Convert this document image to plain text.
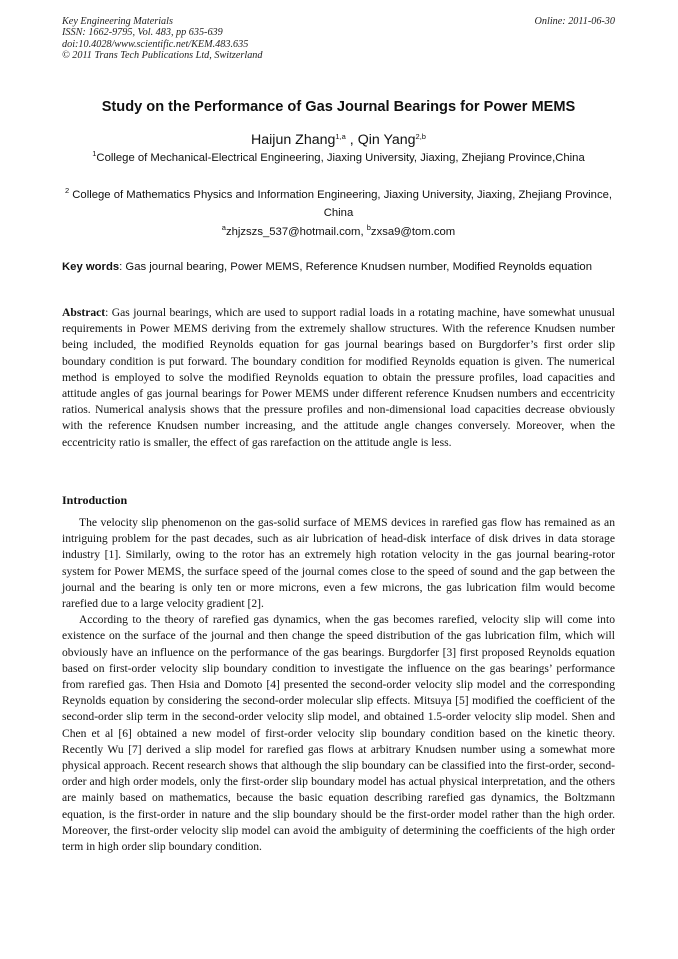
Key Engineering Materials
ISSN: 1662-9795, Vol. 483, pp 635-639
doi:10.4028/www.scientific.net/KEM.483.635
© 2011 Trans Tech Publications Ltd, Switzerland
Online: 2011-06-30
Study on the Performance of Gas Journal Bearings for Power MEMS
Haijun Zhang$^{1,a}$ , Qin Yang$^{2,b}$
$^1$College of Mechanical-Electrical Engineering, Jiaxing University, Jiaxing, Zhejiang Province,China
$^2$ College of Mathematics Physics and Information Engineering, Jiaxing University, Jiaxing, Zhejiang Province, China
$^a$zhjzszs_537@hotmail.com, $^b$zxsa9@tom.com
Key words: Gas journal bearing, Power MEMS, Reference Knudsen number, Modified Reynolds equation
Abstract: Gas journal bearings, which are used to support radial loads in a rotating machine, have somewhat unusual requirements in Power MEMS deriving from the extremely shallow structures. With the reference Knudsen number being included, the modified Reynolds equation for gas journal bearings based on Burgdorfer’s first order slip boundary condition is put forward. The boundary condition for modified Reynolds equation is given. The numerical method is employed to solve the modified Reynolds equation to obtain the pressure profiles, load capacities and attitude angles of gas journal bearings for Power MEMS under different reference Knudsen numbers and eccentricity ratios. Numerical analysis shows that the pressure profiles and non-dimensional load capacities decrease obviously with the reference Knudsen number increasing, and the attitude angle changes conversely. Moreover, when the eccentricity ratio is smaller, the effect of gas rarefaction on the attitude angle is less.
Introduction

The velocity slip phenomenon on the gas-solid surface of MEMS devices in rarefied gas flow has remained as an intriguing problem for the past decades, such as air lubrication of head-disk interface of disk drives in data storage industry [1]. Similarly, owing to the rotor has an extremely high rotation velocity in the gas journal bearing-rotor system for Power MEMS, the surface speed of the journal comes close to the speed of sound and the gap between the journal and the bearing is only ten or more microns, even a few microns, the gas lubrication film would become rarefied due to a large velocity gradient [2].

According to the theory of rarefied gas dynamics, when the gas becomes rarefied, velocity slip will come into existence on the surface of the journal and then change the speed distribution of the gas lubrication film, which will obviously have an influence on the performance of the gas bearings. Burgdorfer [3] first proposed Reynolds equation based on first-order velocity slip boundary condition to investigate the influence on the gas bearings’ performance from rarefied gas. Then Hsia and Domoto [4] presented the second-order velocity slip model and the corresponding Reynolds equation by considering the second-order molecular slip effects. Mitsuya [5] modified the coefficient of the second-order slip term in the second-order velocity slip model, and obtained 1.5-order velocity slip model. Shen and Chen et al [6] obtained a new model of first-order velocity slip boundary condition based on the kinetic theory. Recently Wu [7] derived a slip model for rarefied gas flows at arbitrary Knudsen number using a somewhat more physical approach. Recent research shows that although the slip boundary can be classified into the first-order, second-order and high order models, only the first-order slip boundary model has actual physical interpretation, and the others are mainly based on mathematics, because the basic equation describing rarefied gas dynamics, the Boltzmann equation, is the first-order in nature and the slip boundary should be the first-order model rather than the high order. Moreover, the first-order velocity slip model can avoid the ambiguity of determining the coefficients of the high order term in high order slip boundary condition.
